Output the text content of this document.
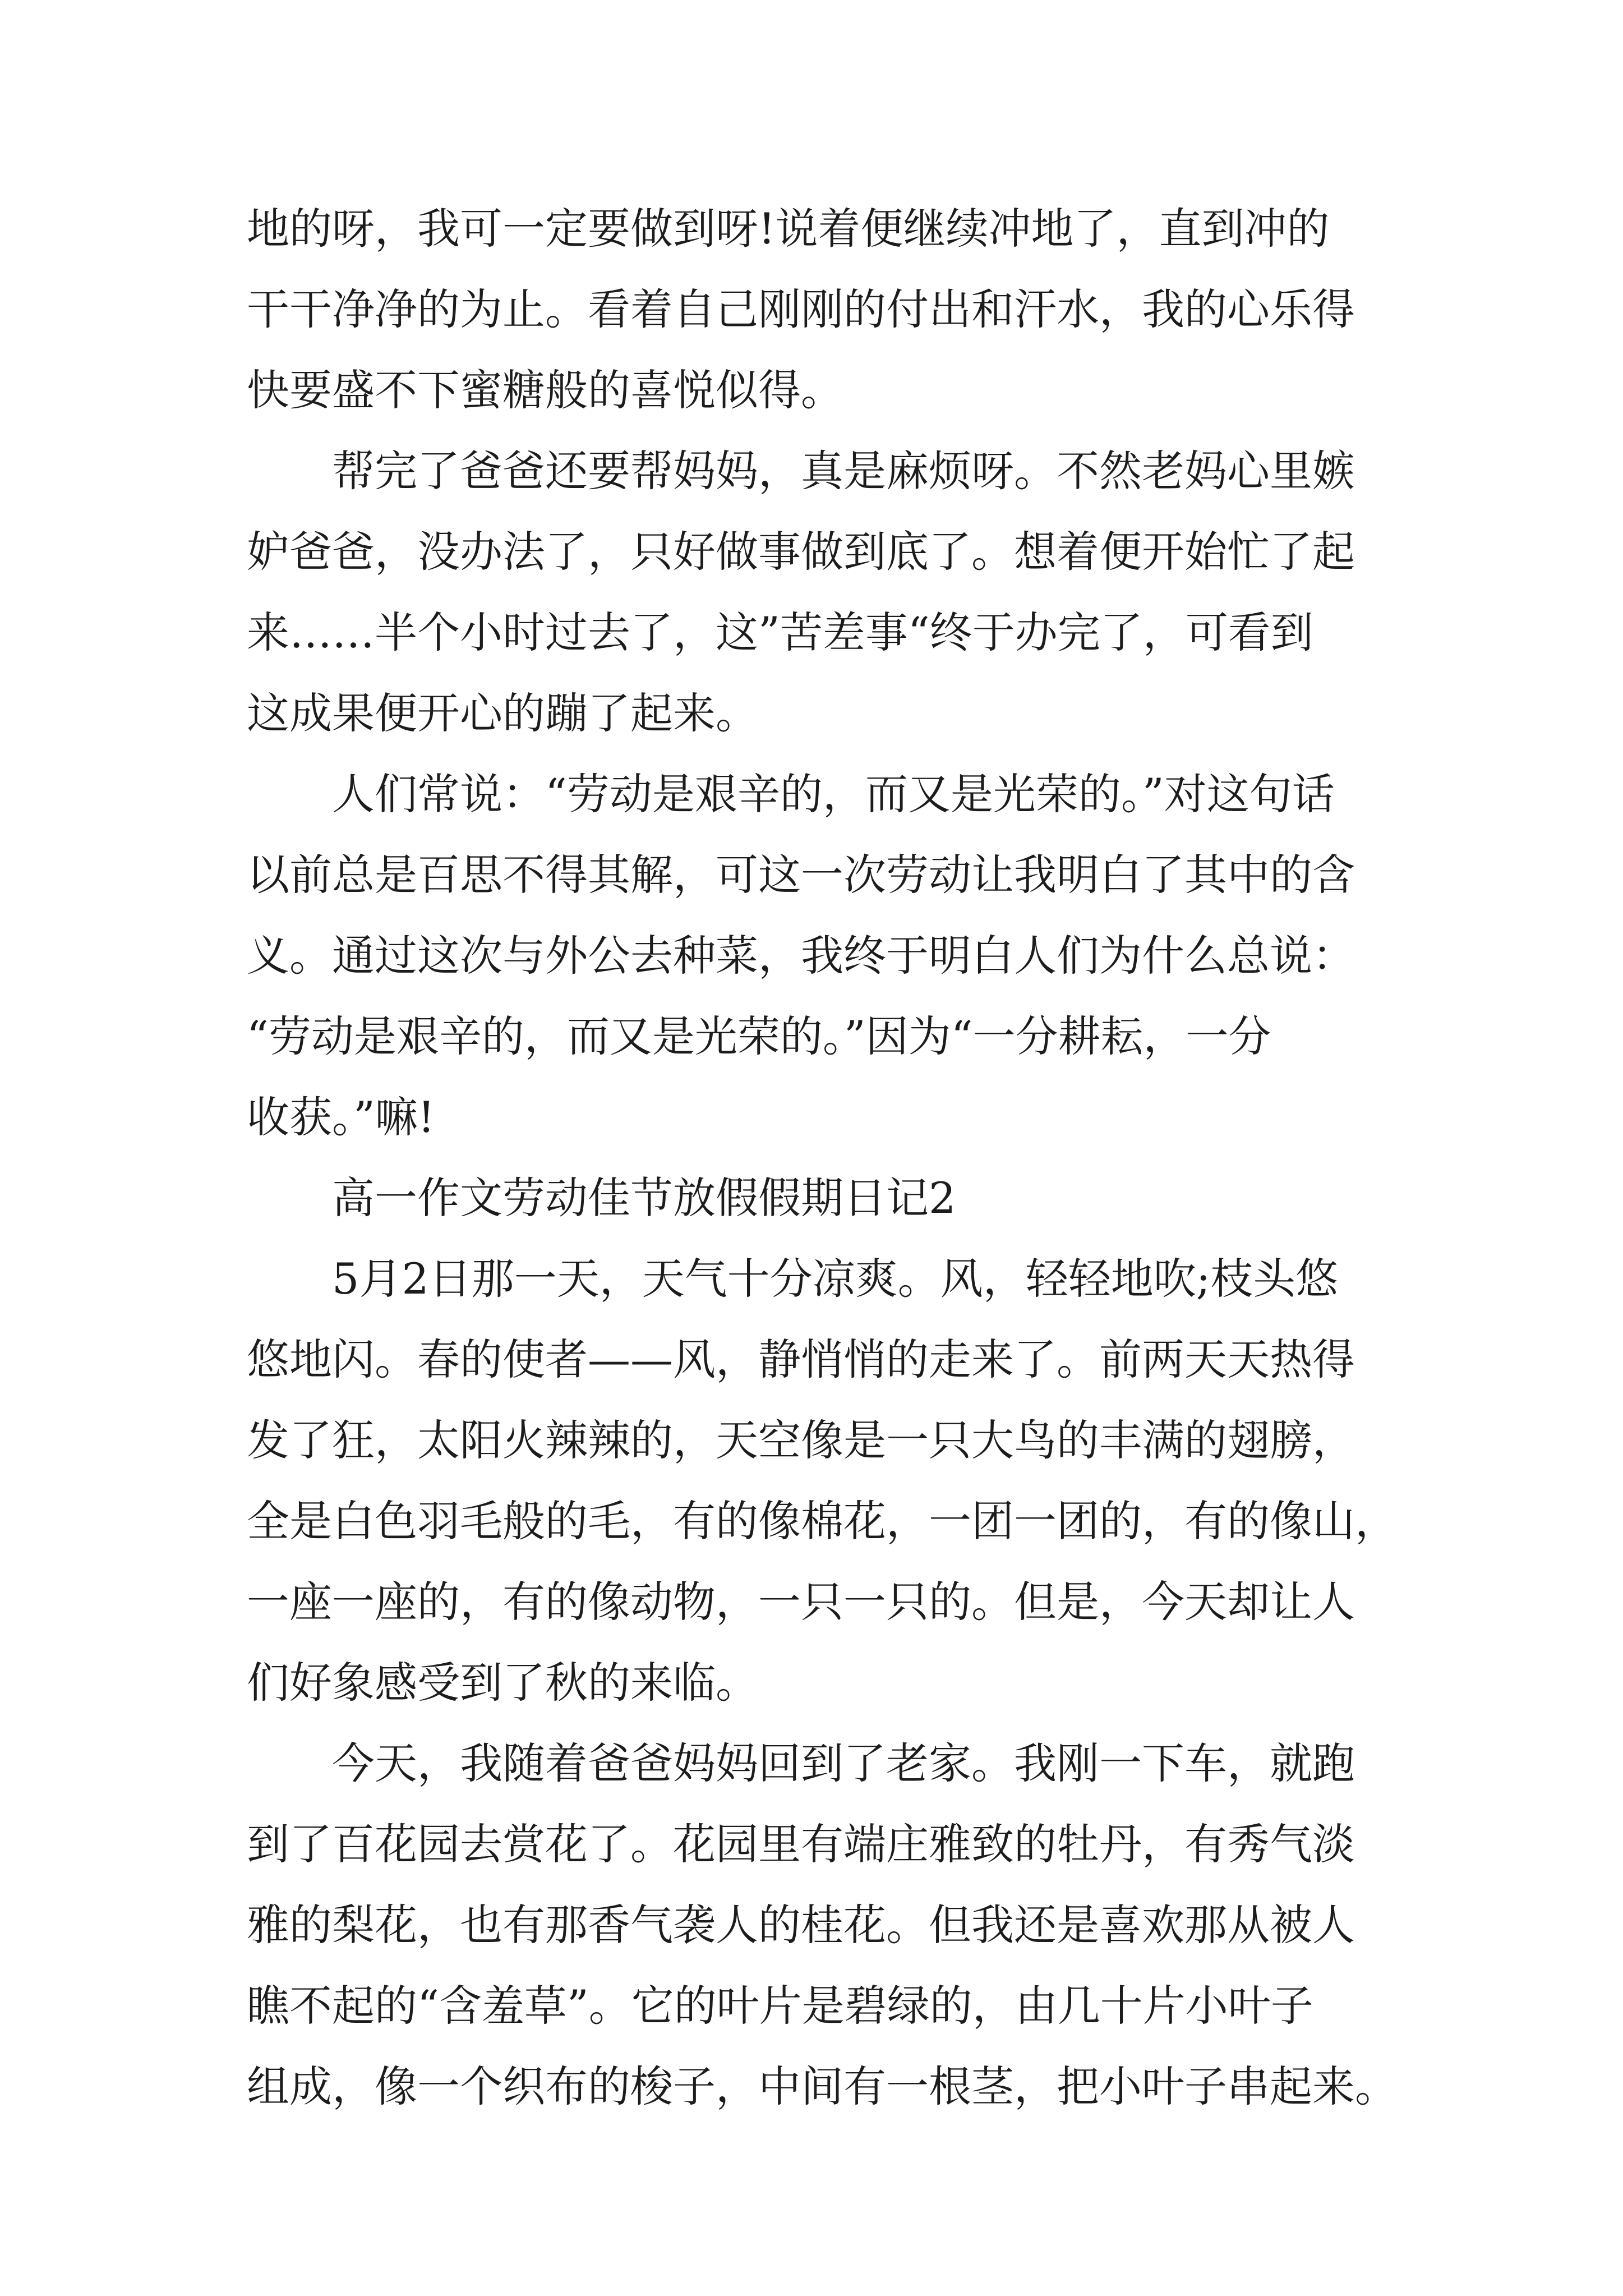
地的呀，我可一定要做到呀!说着便继续冲地了，直到冲的
干干净净的为止。看着自己刚刚的付出和汗水，我的心乐得
快要盛不下蜜糖般的喜悦似得。
帮完了爸爸还要帮妈妈，真是麻烦呀。不然老妈心里嫉
妒爸爸，没办法了，只好做事做到底了。想着便开始忙了起
来……半个小时过去了，这”苦差事“终于办完了，可看到
这成果便开心的蹦了起来。
人们常说：“劳动是艰辛的，而又是光荣的。”对这句话
以前总是百思不得其解，可这一次劳动让我明白了其中的含
义。通过这次与外公去种菜，我终于明白人们为什么总说：
“劳动是艰辛的，而又是光荣的。”因为“一分耕耘，一分
收获。”嘛!
高一作文劳动佳节放假假期日记2
5月2日那一天，天气十分凉爽。风，轻轻地吹;枝头悠
悠地闪。春的使者——风，静悄悄的走来了。前两天天热得
发了狂，太阳火辣辣的，天空像是一只大鸟的丰满的翅膀，
全是白色羽毛般的毛，有的像棉花，一团一团的，有的像山，
一座一座的，有的像动物，一只一只的。但是，今天却让人
们好象感受到了秋的来临。
今天，我随着爸爸妈妈回到了老家。我刚一下车，就跑
到了百花园去赏花了。花园里有端庄雅致的牡丹，有秀气淡
雅的梨花，也有那香气袭人的桂花。但我还是喜欢那从被人
瞧不起的“含羞草”。它的叶片是碧绿的，由几十片小叶子
组成，像一个织布的梭子，中间有一根茎，把小叶子串起来。
